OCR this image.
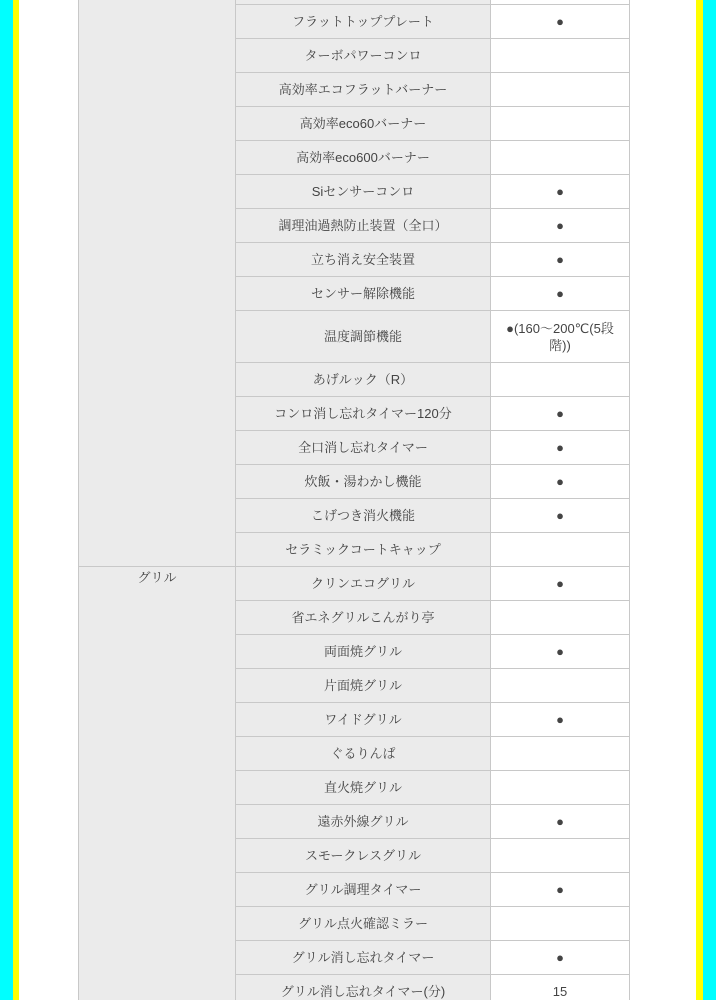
	フラットトッププレート	●
	ターボパワーコンロ	
	高効率エコフラットバーナー	
	高効率eco60バーナー	
	高効率eco600バーナー	
	Siセンサーコンロ	●
	調理油過熱防止装置（全口）	●
	立ち消え安全装置	●
	センサー解除機能	●
	温度調節機能	●(160～200℃(5段階))
	あげルック（R）	
	コンロ消し忘れタイマー120分	●
	全口消し忘れタイマー	●
	炊飯・湯わかし機能	●
	こげつき消火機能	●
	セラミックコートキャップ	
グリル	クリンエコグリル	●
	省エネグリルこんがり亭	
	両面焼グリル	●
	片面焼グリル	
	ワイドグリル	●
	ぐるりんぱ	
	直火焼グリル	
	遠赤外線グリル	●
	スモークレスグリル	
	グリル調理タイマー	●
	グリル点火確認ミラー	
	グリル消し忘れタイマー	●
	グリル消し忘れタイマー(分)	15
